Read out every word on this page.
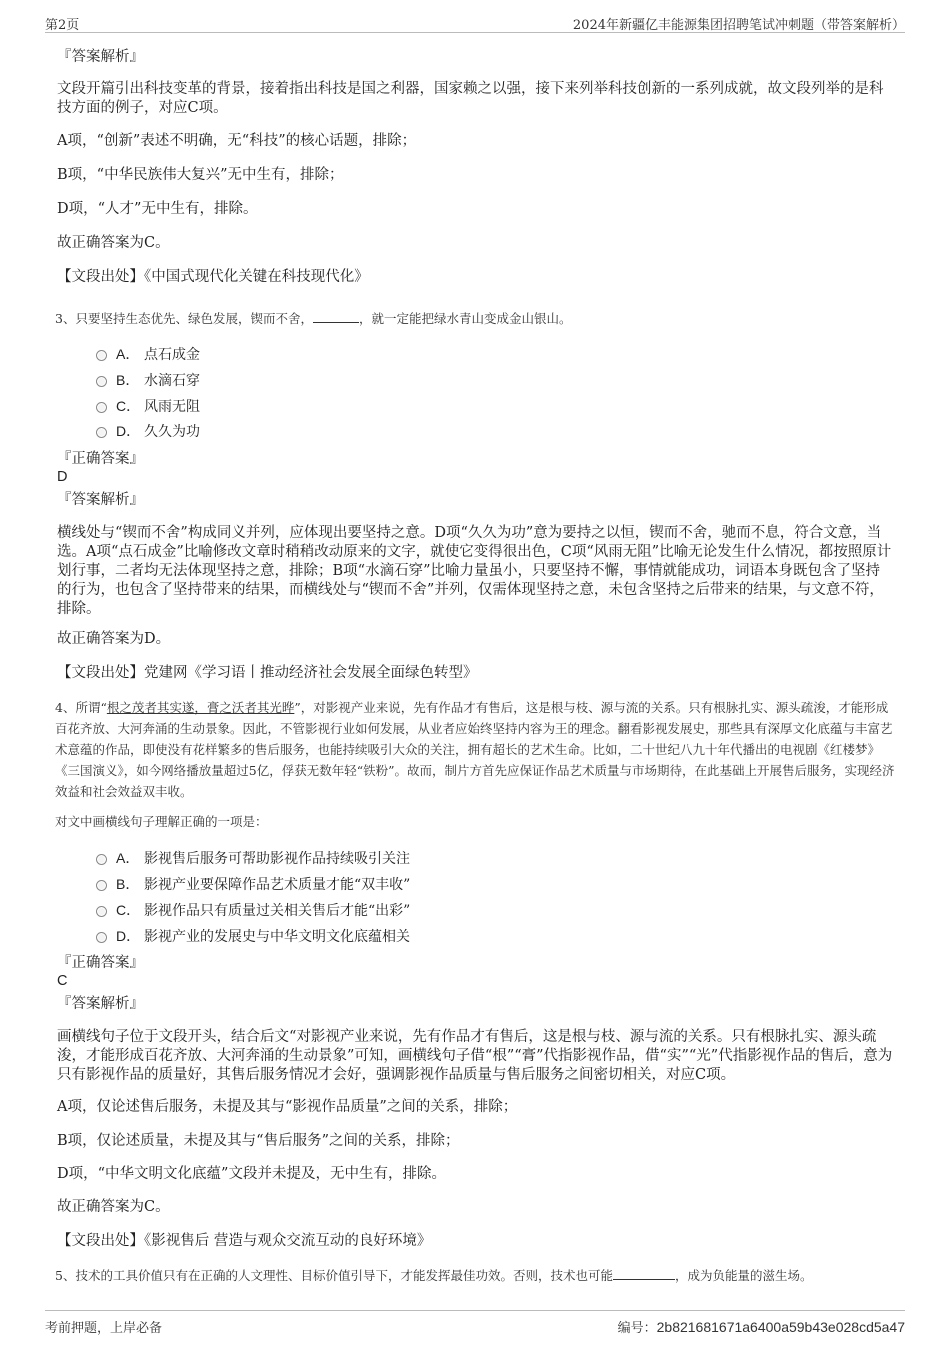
第2页	2024年新疆亿丰能源集团招聘笔试冲刺题（带答案解析）
『答案解析』
文段开篇引出科技变革的背景，接着指出科技是国之利器，国家赖之以强，接下来列举科技创新的一系列成就，故文段列举的是科技方面的例子，对应C项。
A项，“创新”表述不明确，无“科技”的核心话题，排除；
B项，“中华民族伟大复兴”无中生有，排除；
D项，“人才”无中生有，排除。
故正确答案为C。
【文段出处】《中国式现代化关键在科技现代化》
3、只要坚持生态优先、绿色发展，锲而不舍，	，就一定能把绿水青山变成金山银山。
A． 点石成金
B． 水滴石穿
C． 风雨无阻
D． 久久为功
『正确答案』
D
『答案解析』
横线处与“锲而不舍”构成同义并列，应体现出要坚持之意。D项“久久为功”意为要持之以恒，锲而不舍，驰而不息，符合文意，当选。A项“点石成金”比喻修改文章时稍稍改动原来的文字，就使它变得很出色，C项“风雨无阻”比喻无论发生什么情况，都按照原计划行事，二者均无法体现坚持之意，排除；B项“水滴石穿”比喻力量虽小，只要坚持不懈，事情就能成功，词语本身既包含了坚持的行为，也包含了坚持带来的结果，而横线处与“锲而不舍”并列，仅需体现坚持之意，未包含坚持之后带来的结果，与文意不符，排除。
故正确答案为D。
【文段出处】党建网《学习语丨推动经济社会发展全面绿色转型》
4、所谓“根之茂者其实遂，膏之沃者其光晔”，对影视产业来说，先有作品才有售后，这是根与枝、源与流的关系。只有根脉扎实、源头疏浚，才能形成百花齐放、大河奔涌的生动景象。因此，不管影视行业如何发展，从业者应始终坚持内容为王的理念。翻看影视发展史，那些具有深厚文化底蕴与丰富艺术意蕴的作品，即使没有花样繁多的售后服务，也能持续吸引大众的关注，拥有超长的艺术生命。比如，二十世纪八九十年代播出的电视剧《红楼梦》《三国演义》，如今网络播放量超过5亿，俘获无数年轻“铁粉”。故而，制片方首先应保证作品艺术质量与市场期待，在此基础上开展售后服务，实现经济效益和社会效益双丰收。
对文中画横线句子理解正确的一项是：
A． 影视售后服务可帮助影视作品持续吸引关注
B． 影视产业要保障作品艺术质量才能“双丰收”
C． 影视作品只有质量过关相关售后才能“出彩”
D． 影视产业的发展史与中华文明文化底蕴相关
『正确答案』
C
『答案解析』
画横线句子位于文段开头，结合后文“对影视产业来说，先有作品才有售后，这是根与枝、源与流的关系。只有根脉扎实、源头疏浚，才能形成百花齐放、大河奔涌的生动景象”可知，画横线句子借“根”“膏”代指影视作品，借“实”“光”代指影视作品的售后，意为只有影视作品的质量好，其售后服务情况才会好，强调影视作品质量与售后服务之间密切相关，对应C项。
A项，仅论述售后服务，未提及其与“影视作品质量”之间的关系，排除；
B项，仅论述质量，未提及其与“售后服务”之间的关系，排除；
D项，“中华文明文化底蕴”文段并未提及，无中生有，排除。
故正确答案为C。
【文段出处】《影视售后 营造与观众交流互动的良好环境》
5、技术的工具价值只有在正确的人文理性、目标价值引导下，才能发挥最佳功效。否则，技术也可能	，成为负能量的滋生场。
考前押题，上岸必备	编号：2b821681671a6400a59b43e028cd5a47
